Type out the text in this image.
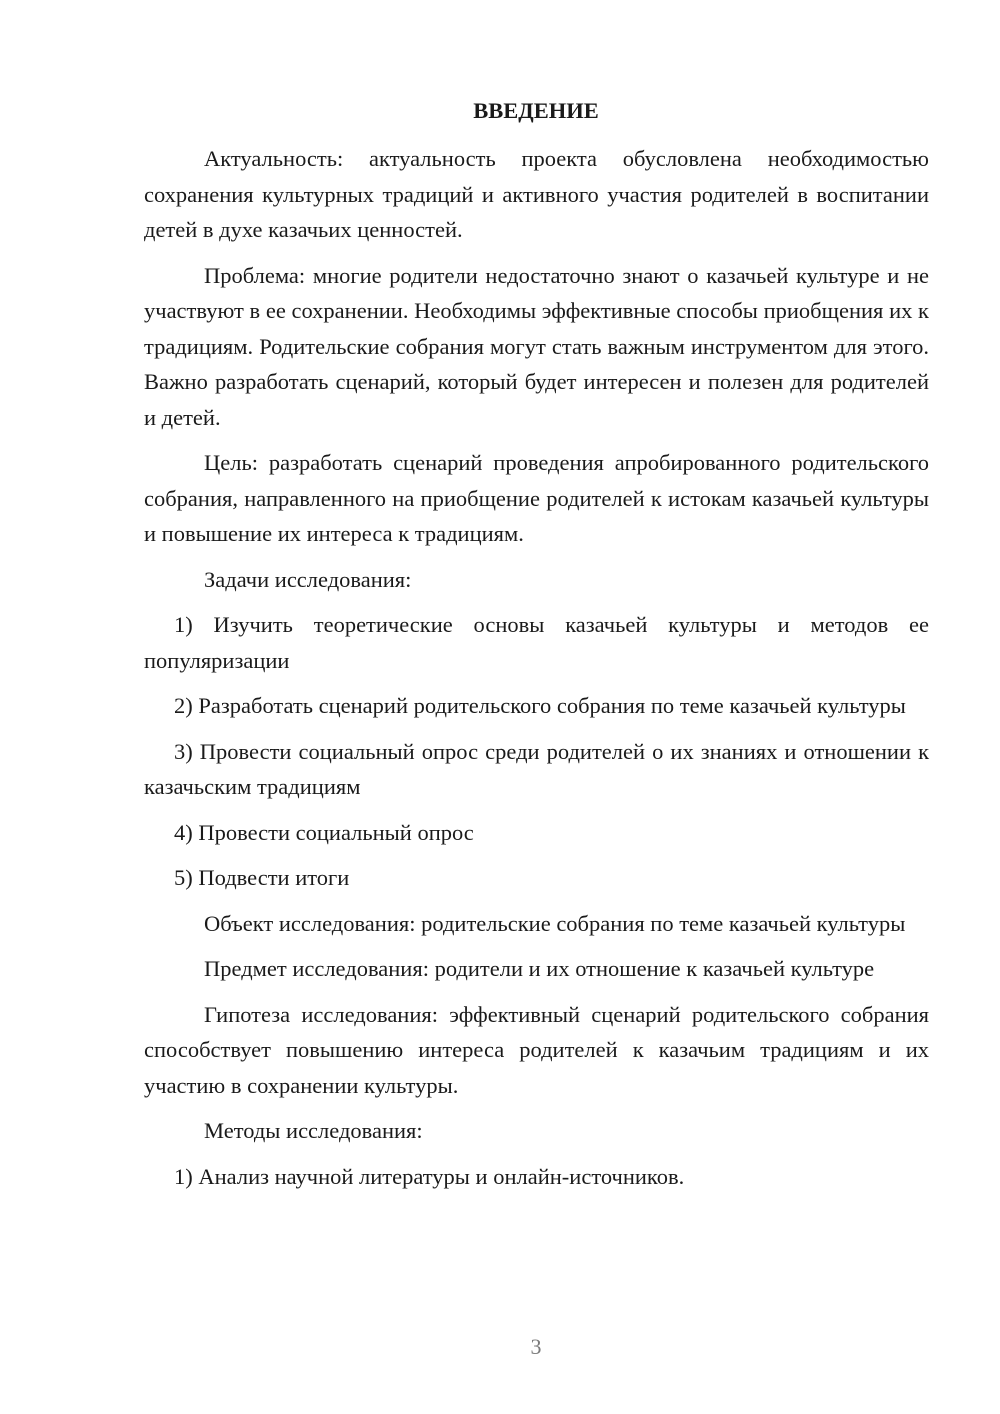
ВВЕДЕНИЕ

Актуальность: актуальность проекта обусловлена необходимостью сохранения культурных традиций и активного участия родителей в воспитании детей в духе казачьих ценностей.

Проблема: многие родители недостаточно знают о казачьей культуре и не участвуют в ее сохранении. Необходимы эффективные способы приобщения их к традициям. Родительские собрания могут стать важным инструментом для этого. Важно разработать сценарий, который будет интересен и полезен для родителей и детей.

Цель: разработать сценарий проведения апробированного родительского собрания, направленного на приобщение родителей к истокам казачьей культуры и повышение их интереса к традициям.

Задачи исследования:

1) Изучить теоретические основы казачьей культуры и методов ее популяризации

2) Разработать сценарий родительского собрания по теме казачьей культуры

3) Провести социальный опрос среди родителей о их знаниях и отношении к казачьским традициям

4) Провести социальный опрос

5) Подвести итоги

Объект исследования: родительские собрания по теме казачьей культуры

Предмет исследования: родители и их отношение к казачьей культуре

Гипотеза исследования: эффективный сценарий родительского собрания способствует повышению интереса родителей к казачьим традициям и их участию в сохранении культуры.

Методы исследования:

1) Анализ научной литературы и онлайн-источников.

3
